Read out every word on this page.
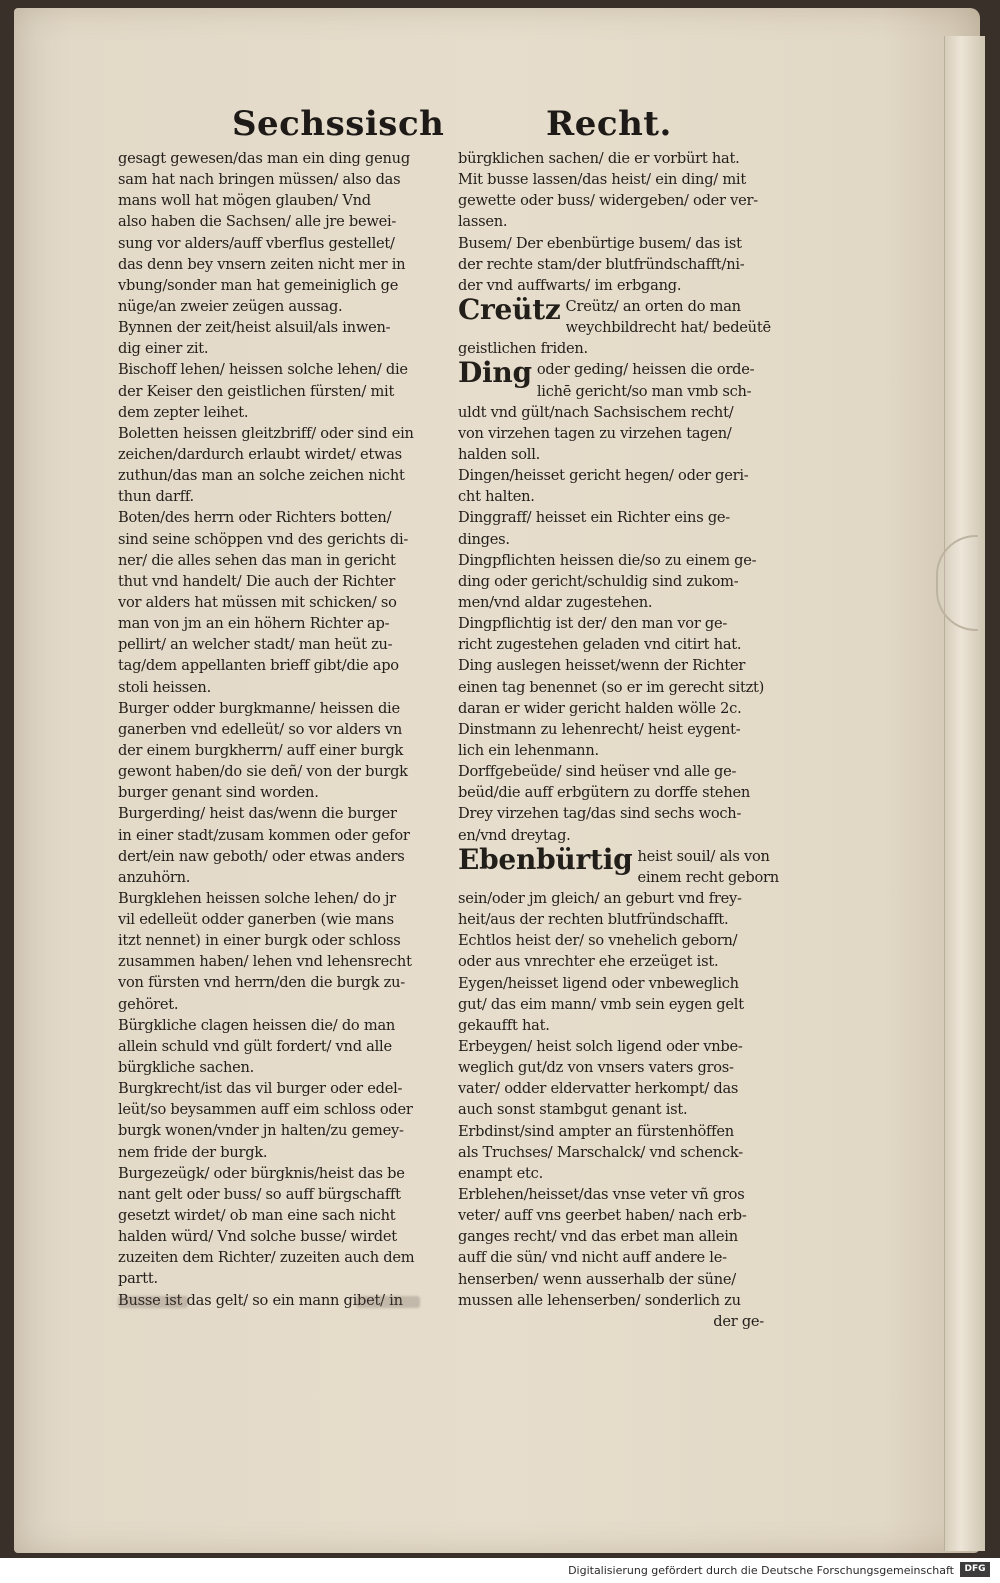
Sechssisch	Recht.
gesagt gewesen/das man ein ding genug
sam hat nach bringen müssen/ also das
mans woll hat mögen glauben/ Vnd
also haben die Sachsen/ alle jre bewei-
sung vor alders/auff vberflus gestellet/
das denn bey vnsern zeiten nicht mer in
vbung/sonder man hat gemeiniglich ge
nüge/an zweier zeügen aussag.
Bynnen der zeit/heist alsuil/als inwen-
dig einer zit.
Bischoff lehen/ heissen solche lehen/ die
der Keiser den geistlichen fürsten/ mit
dem zepter leihet.
Boletten heissen gleitzbriff/ oder sind ein
zeichen/dardurch erlaubt wirdet/ etwas
zuthun/das man an solche zeichen nicht
thun darff.
Boten/des herrn oder Richters botten/
sind seine schöppen vnd des gerichts di-
ner/ die alles sehen das man in gericht
thut vnd handelt/ Die auch der Richter
vor alders hat müssen mit schicken/ so
man von jm an ein höhern Richter ap-
pellirt/ an welcher stadt/ man heüt zu-
tag/dem appellanten brieff gibt/die apo
stoli heissen.
Burger odder burgkmanne/ heissen die
ganerben vnd edelleüt/ so vor alders vn
der einem burgkherrn/ auff einer burgk
gewont haben/do sie deñ/ von der burgk
burger genant sind worden.
Burgerding/ heist das/wenn die burger
in einer stadt/zusam kommen oder gefor
dert/ein naw geboth/ oder etwas anders
anzuhörn.
Burgklehen heissen solche lehen/ do jr
vil edelleüt odder ganerben (wie mans
itzt nennet) in einer burgk oder schloss
zusammen haben/ lehen vnd lehensrecht
von fürsten vnd herrn/den die burgk zu-
gehöret.
Bürgkliche clagen heissen die/ do man
allein schuld vnd gült fordert/ vnd alle
bürgkliche sachen.
Burgkrecht/ist das vil burger oder edel-
leüt/so beysammen auff eim schloss oder
burgk wonen/vnder jn halten/zu gemey-
nem fride der burgk.
Burgezeügk/ oder bürgknis/heist das be
nant gelt oder buss/ so auff bürgschafft
gesetzt wirdet/ ob man eine sach nicht
halden würd/ Vnd solche busse/ wirdet
zuzeiten dem Richter/ zuzeiten auch dem
partt.
Busse ist das gelt/ so ein mann gibet/ in
bürgklichen sachen/ die er vorbürt hat.
Mit busse lassen/das heist/ ein ding/ mit
gewette oder buss/ widergeben/ oder ver-
lassen.
Busem/ Der ebenbürtige busem/ das ist
der rechte stam/der blutfründschafft/ni-
der vnd auffwarts/ im erbgang.
Creütz Creütz/ an orten do man
weychbildrecht hat/ bedeütē
geistlichen friden.
Ding oder geding/ heissen die orde-
lichē gericht/so man vmb sch-
uldt vnd gült/nach Sachsischem recht/
von virzehen tagen zu virzehen tagen/
halden soll.
Dingen/heisset gericht hegen/ oder geri-
cht halten.
Dinggraff/ heisset ein Richter eins ge-
dinges.
Dingpflichten heissen die/so zu einem ge-
ding oder gericht/schuldig sind zukom-
men/vnd aldar zugestehen.
Dingpflichtig ist der/ den man vor ge-
richt zugestehen geladen vnd citirt hat.
Ding auslegen heisset/wenn der Richter
einen tag benennet (so er im gerecht sitzt)
daran er wider gericht halden wölle 2c.
Dinstmann zu lehenrecht/ heist eygent-
lich ein lehenmann.
Dorffgebeüde/ sind heüser vnd alle ge-
beüd/die auff erbgütern zu dorffe stehen
Drey virzehen tag/das sind sechs woch-
en/vnd dreytag.
Ebenbürtig heist souil/ als von
einem recht geborn
sein/oder jm gleich/ an geburt vnd frey-
heit/aus der rechten blutfründschafft.
Echtlos heist der/ so vnehelich geborn/
oder aus vnrechter ehe erzeüget ist.
Eygen/heisset ligend oder vnbeweglich
gut/ das eim mann/ vmb sein eygen gelt
gekaufft hat.
Erbeygen/ heist solch ligend oder vnbe-
weglich gut/dz von vnsers vaters gros-
vater/ odder eldervatter herkompt/ das
auch sonst stambgut genant ist.
Erbdinst/sind ampter an fürstenhöffen
als Truchses/ Marschalck/ vnd schenck-
enampt etc.
Erblehen/heisset/das vnse veter vñ gros
veter/ auff vns geerbet haben/ nach erb-
ganges recht/ vnd das erbet man allein
auff die sün/ vnd nicht auff andere le-
henserben/ wenn ausserhalb der süne/
mussen alle lehenserben/ sonderlich zu
der ge-
Digitalisierung gefördert durch die Deutsche Forschungsgemeinschaft	DFG
